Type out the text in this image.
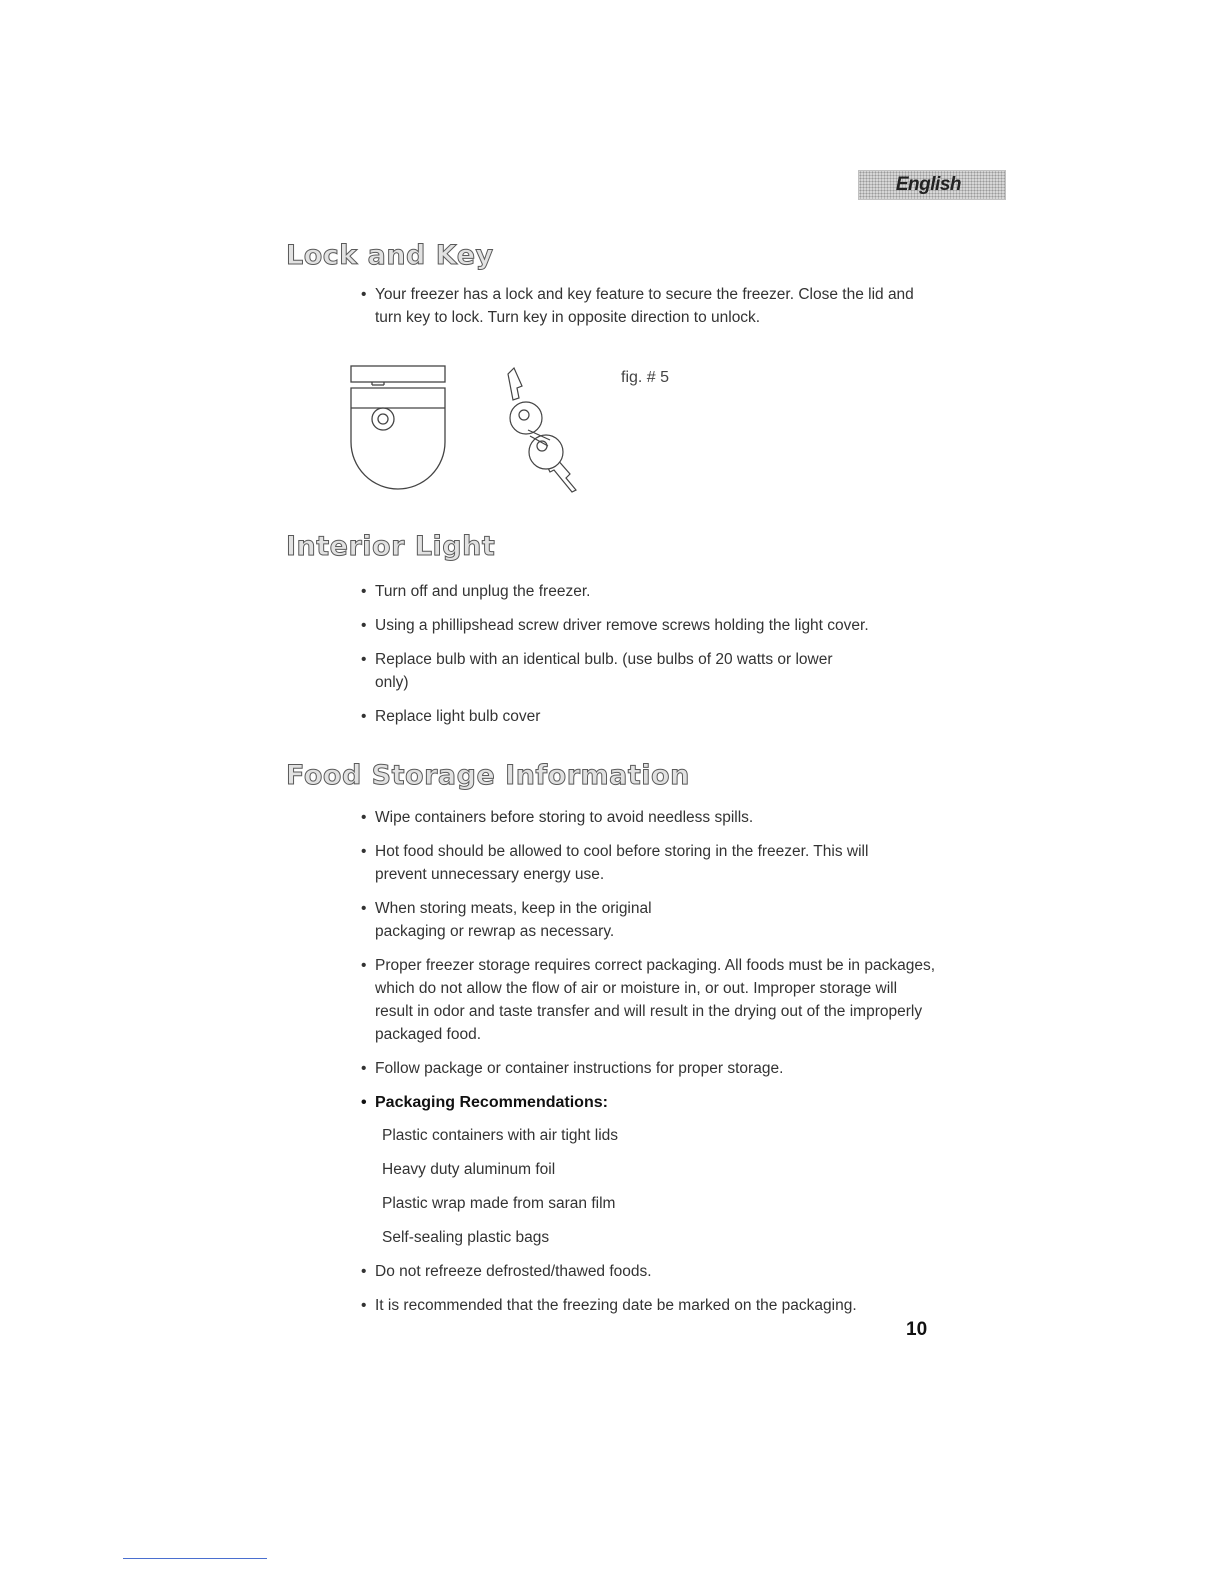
English
Lock and Key
• Your freezer has a lock and key feature to secure the freezer. Close the lid and turn key to lock. Turn key in opposite direction to unlock.
fig. # 5
Interior Light
• Turn off and unplug the freezer.
• Using a phillipshead screw driver remove screws holding the light cover.
• Replace bulb with an identical bulb. (use bulbs of 20 watts or lower only)
• Replace light bulb cover
Food Storage Information
• Wipe containers before storing to avoid needless spills.
• Hot food should be allowed to cool before storing in the freezer. This will prevent unnecessary energy use.
• When storing meats, keep in the original packaging or rewrap as necessary.
• Proper freezer storage requires correct packaging. All foods must be in packages, which do not allow the flow of air or moisture in, or out. Improper storage will result in odor and taste transfer and will result in the drying out of the improperly packaged food.
• Follow package or container instructions for proper storage.
• Packaging Recommendations:
Plastic containers with air tight lids
Heavy duty aluminum foil
Plastic wrap made from saran film
Self-sealing plastic bags
• Do not refreeze defrosted/thawed foods.
• It is recommended that the freezing date be marked on the packaging.
10
